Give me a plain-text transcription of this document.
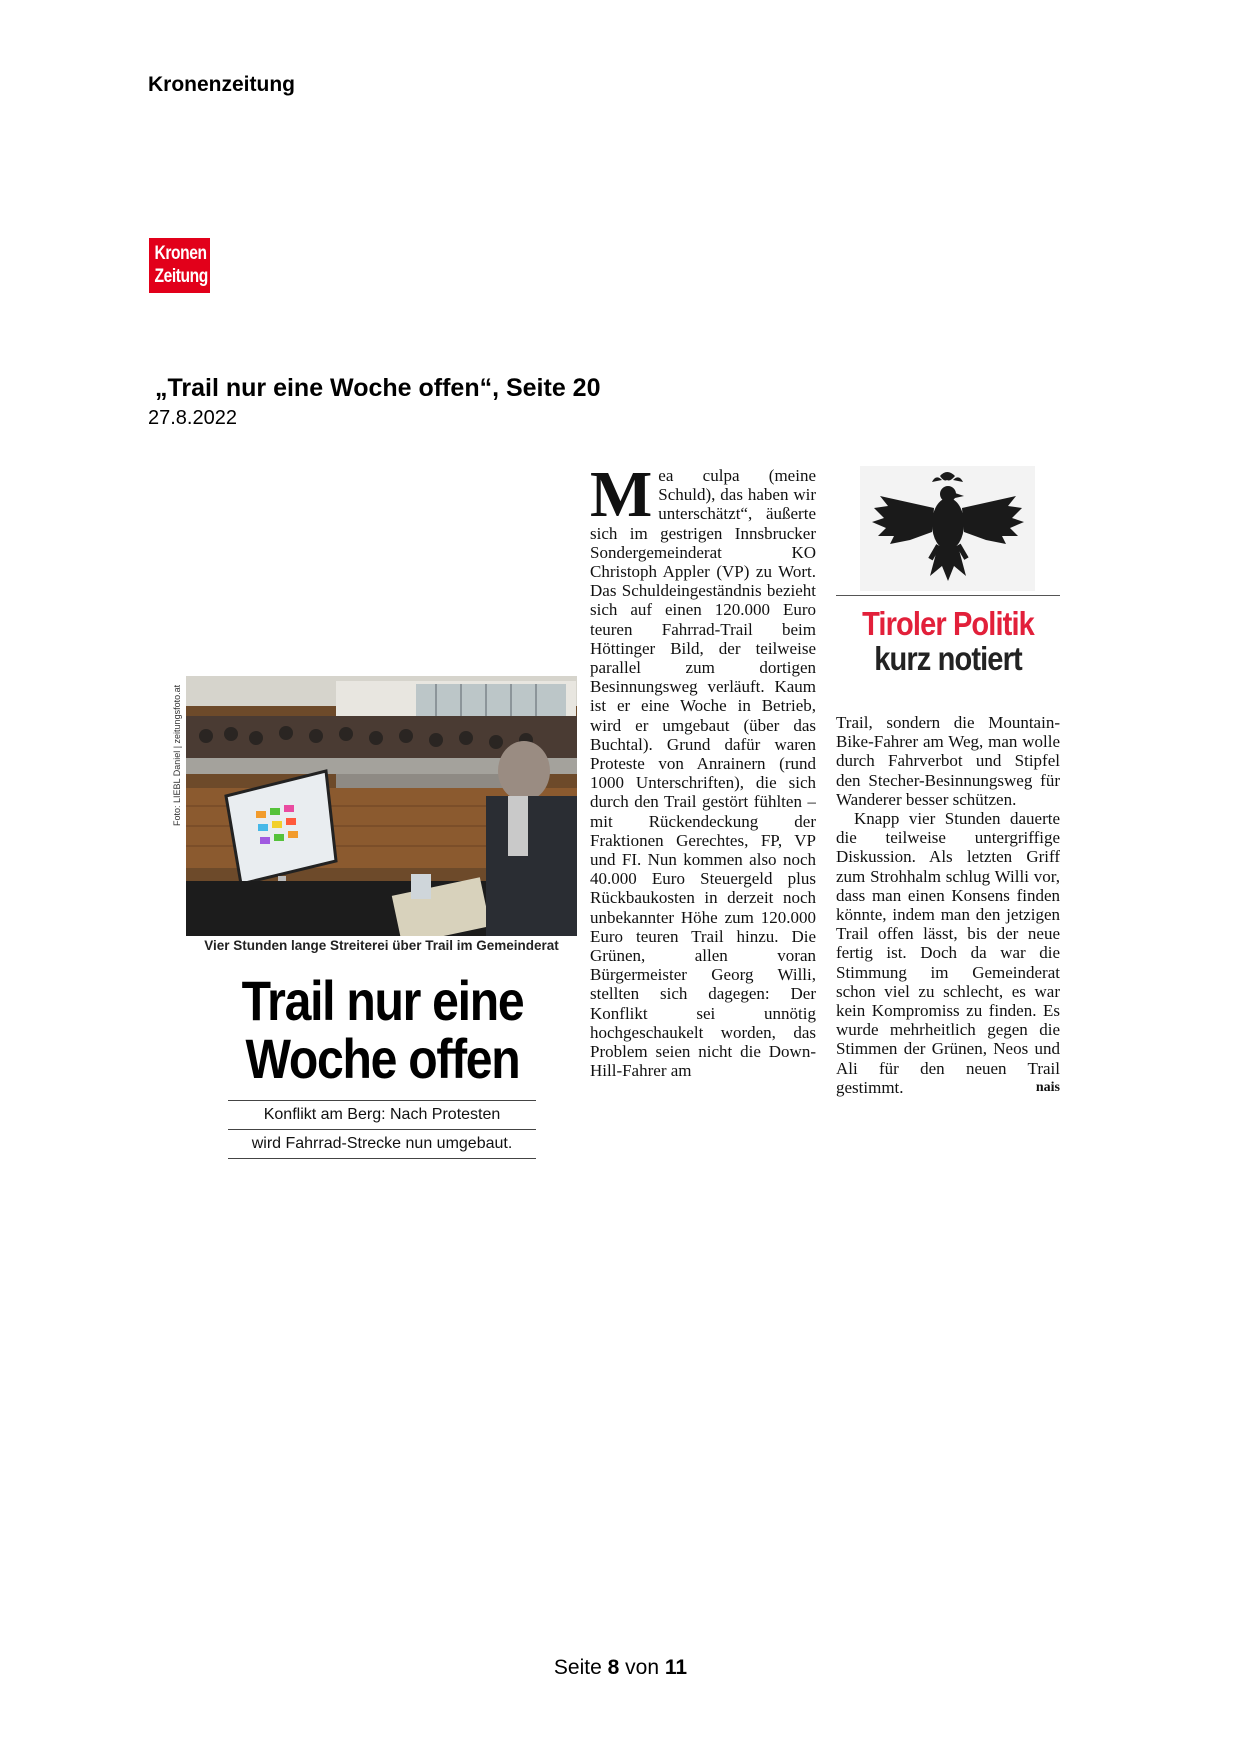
Kronenzeitung
Kronen
Zeitung
„Trail nur eine Woche offen“, Seite 20
27.8.2022
Foto: LIEBL Daniel | zeitungsfoto.at
Vier Stunden lange Streiterei über Trail im Gemeinderat
Trail nur eine
Woche offen
Konflikt am Berg: Nach Protesten
wird Fahrrad-Strecke nun umgebaut.
M ea culpa (meine Schuld), das haben wir unterschätzt“, äußerte sich im gestrigen Innsbrucker Sondergemeinderat KO Christoph Appler (VP) zu Wort. Das Schuldeingeständnis bezieht sich auf einen 120.000 Euro teuren Fahrrad-Trail beim Höttinger Bild, der teilweise parallel zum dortigen Besinnungsweg verläuft. Kaum ist er eine Woche in Betrieb, wird er umgebaut (über das Buchtal). Grund dafür waren Proteste von Anrainern (rund 1000 Unterschriften), die sich durch den Trail gestört fühlten – mit Rückendeckung der Fraktionen Gerechtes, FP, VP und FI. Nun kommen also noch 40.000 Euro Steuergeld plus Rückbaukosten in derzeit noch unbekannter Höhe zum 120.000 Euro teuren Trail hinzu. Die Grünen, allen voran Bürgermeister Georg Willi, stellten sich dagegen: Der Konflikt sei unnötig hochgeschaukelt worden, das Problem seien nicht die Down-Hill-Fahrer am
Tiroler Politik
kurz notiert
Trail, sondern die Mountain-Bike-Fahrer am Weg, man wolle durch Fahrverbot und Stipfel den Stecher-Besinnungsweg für Wanderer besser schützen.
Knapp vier Stunden dauerte die teilweise untergriffige Diskussion. Als letzten Griff zum Strohhalm schlug Willi vor, dass man einen Konsens finden könnte, indem man den jetzigen Trail offen lässt, bis der neue fertig ist. Doch da war die Stimmung im Gemeinderat schon viel zu schlecht, es war kein Kompromiss zu finden. Es wurde mehrheitlich gegen die Stimmen der Grünen, Neos und Ali für den neuen Trail gestimmt.	nais
Seite 8 von 11
